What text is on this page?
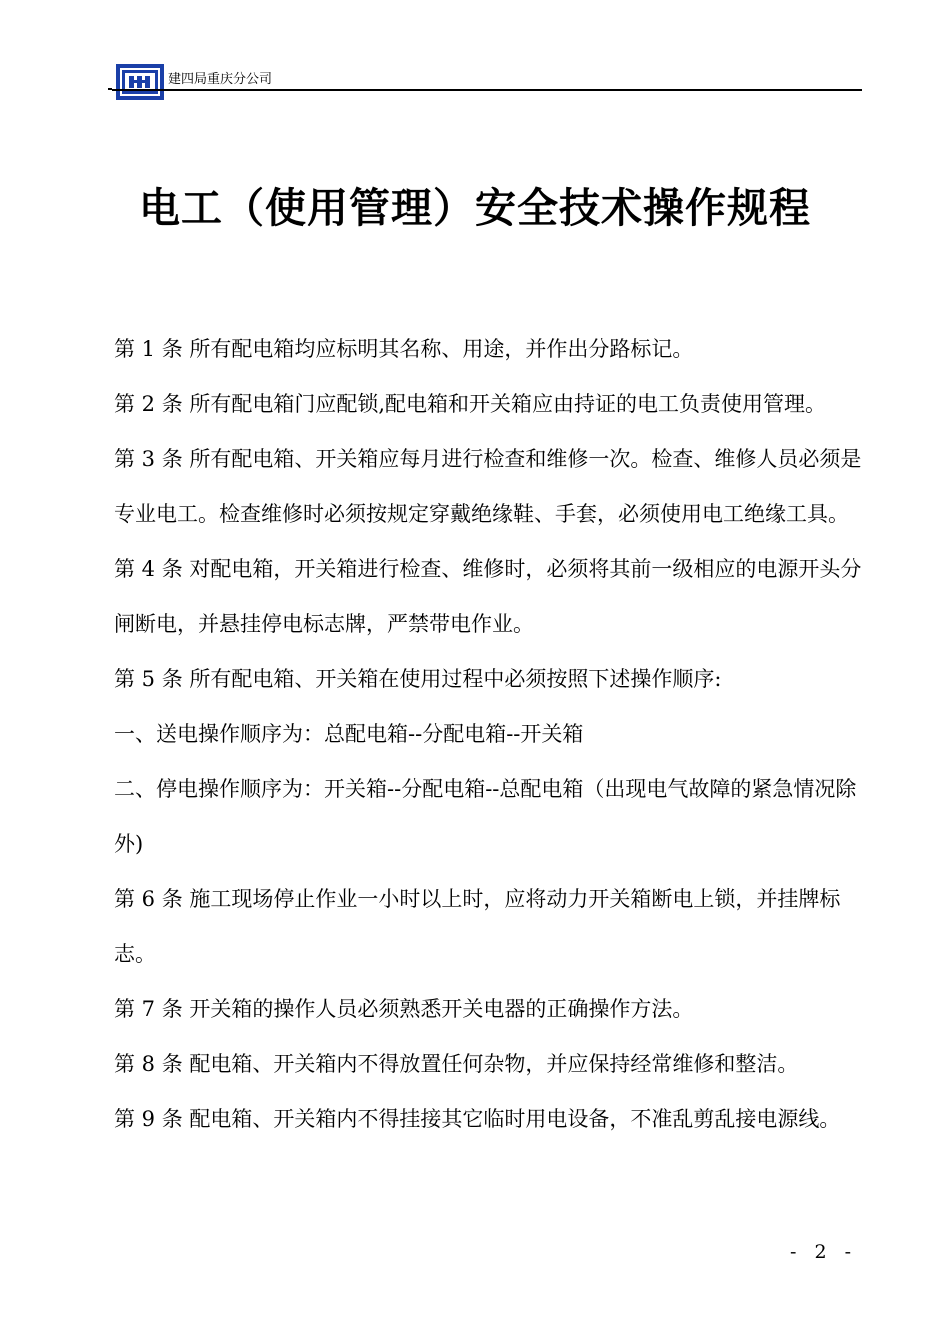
建四局重庆分公司
电工（使用管理）安全技术操作规程

第 1 条 所有配电箱均应标明其名称、用途，并作出分路标记。

第 2 条 所有配电箱门应配锁,配电箱和开关箱应由持证的电工负责使用管理。

第 3 条 所有配电箱、开关箱应每月进行检查和维修一次。检查、维修人员必须是专业电工。检查维修时必须按规定穿戴绝缘鞋、手套，必须使用电工绝缘工具。

第 4 条 对配电箱，开关箱进行检查、维修时，必须将其前一级相应的电源开头分闸断电，并悬挂停电标志牌，严禁带电作业。

第 5 条 所有配电箱、开关箱在使用过程中必须按照下述操作顺序:

一、送电操作顺序为：总配电箱--分配电箱--开关箱

二、停电操作顺序为：开关箱--分配电箱--总配电箱（出现电气故障的紧急情况除外)

第 6 条 施工现场停止作业一小时以上时，应将动力开关箱断电上锁，并挂牌标志。

第 7 条 开关箱的操作人员必须熟悉开关电器的正确操作方法。

第 8 条 配电箱、开关箱内不得放置任何杂物，并应保持经常维修和整洁。

第 9 条 配电箱、开关箱内不得挂接其它临时用电设备，不准乱剪乱接电源线。

- 2 -
